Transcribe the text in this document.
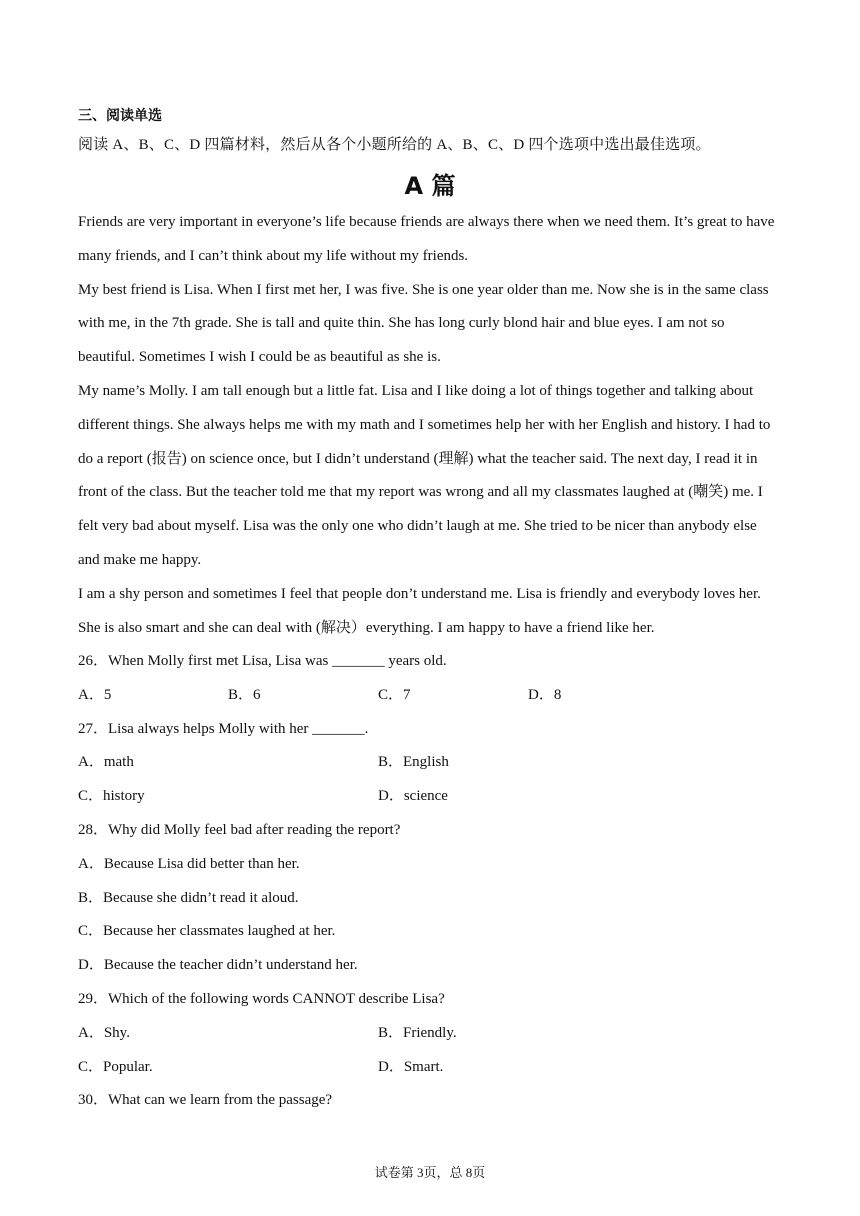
三、阅读单选
阅读 A、B、C、D 四篇材料，然后从各个小题所给的 A、B、C、D 四个选项中选出最佳选项。
A 篇

Friends are very important in everyone’s life because friends are always there when we need them. It’s great to have many friends, and I can’t think about my life without my friends.

My best friend is Lisa. When I first met her, I was five. She is one year older than me. Now she is in the same class with me, in the 7th grade. She is tall and quite thin. She has long curly blond hair and blue eyes. I am not so beautiful. Sometimes I wish I could be as beautiful as she is.

My name’s Molly. I am tall enough but a little fat. Lisa and I like doing a lot of things together and talking about different things. She always helps me with my math and I sometimes help her with her English and history. I had to do a report (报告) on science once, but I didn’t understand (理解) what the teacher said. The next day, I read it in front of the class. But the teacher told me that my report was wrong and all my classmates laughed at (嘲笑) me. I felt very bad about myself. Lisa was the only one who didn’t laugh at me. She tried to be nicer than anybody else and make me happy.

I am a shy person and sometimes I feel that people don’t understand me. Lisa is friendly and everybody loves her. She is also smart and she can deal with (解决）everything. I am happy to have a friend like her.

26．When Molly first met Lisa, Lisa was _______ years old.
A．5	B．6	C．7	D．8
27．Lisa always helps Molly with her _______.
A．math	B．English
C．history	D．science
28．Why did Molly feel bad after reading the report?
A．Because Lisa did better than her.
B．Because she didn’t read it aloud.
C．Because her classmates laughed at her.
D．Because the teacher didn’t understand her.
29．Which of the following words CANNOT describe Lisa?
A．Shy.	B．Friendly.
C．Popular.	D．Smart.
30．What can we learn from the passage?
试卷第 3页，总 8页
